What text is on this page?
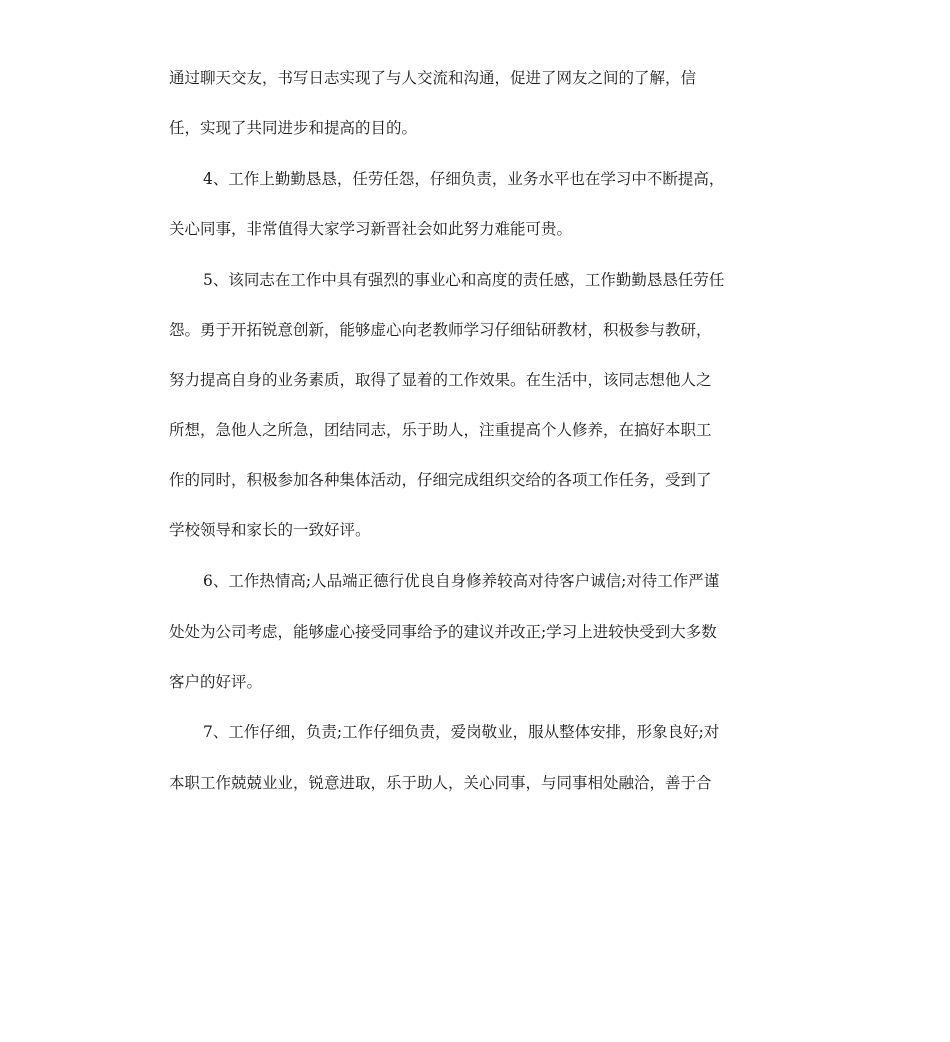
通过聊天交友，书写日志实现了与人交流和沟通，促进了网友之间的了解，信
任，实现了共同进步和提高的目的。
4、工作上勤勤恳恳，任劳任怨，仔细负责，业务水平也在学习中不断提高，
关心同事，非常值得大家学习新晋社会如此努力难能可贵。
5、该同志在工作中具有强烈的事业心和高度的责任感，工作勤勤恳恳任劳任
怨。勇于开拓锐意创新，能够虚心向老教师学习仔细钻研教材，积极参与教研，
努力提高自身的业务素质，取得了显着的工作效果。在生活中，该同志想他人之
所想，急他人之所急，团结同志，乐于助人，注重提高个人修养，在搞好本职工
作的同时，积极参加各种集体活动，仔细完成组织交给的各项工作任务，受到了
学校领导和家长的一致好评。
6、工作热情高;人品端正德行优良自身修养较高对待客户诚信;对待工作严谨
处处为公司考虑，能够虚心接受同事给予的建议并改正;学习上进较快受到大多数
客户的好评。
7、工作仔细，负责;工作仔细负责，爱岗敬业，服从整体安排，形象良好;对
本职工作兢兢业业，锐意进取，乐于助人，关心同事，与同事相处融洽，善于合
